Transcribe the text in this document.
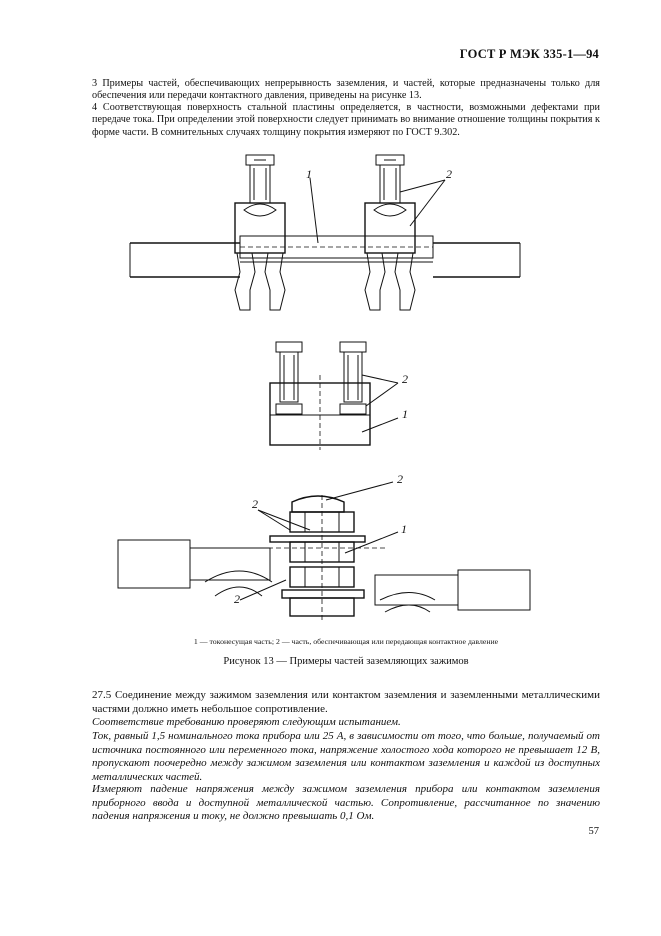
ГОСТ Р МЭК 335-1—94
3 Примеры частей, обеспечивающих непрерывность заземления, и частей, которые предназначены только для обеспечения или передачи контактного давления, приведены на рисунке 13.
4 Соответствующая поверхность стальной пластины определяется, в частности, возможными дефектами при передаче тока. При определении этой поверхности следует принимать во внимание отношение толщины покрытия к форме части. В сомнительных случаях толщину покрытия измеряют по ГОСТ 9.302.
1	2
2
1
2
2
1
2
1 — токонесущая часть; 2 — часть, обеспечивающая или передающая контактное давление
Рисунок 13 — Примеры частей заземляющих зажимов
27.5 Соединение между зажимом заземления или контактом заземления и заземленными металлическими частями должно иметь небольшое сопротивление.
Соответствие требованию проверяют следующим испытанием.
Ток, равный 1,5 номинального тока прибора или 25 А, в зависимости от того, что больше, получаемый от источника постоянного или переменного тока, напряжение холостого хода которого не превышает 12 В, пропускают поочередно между зажимом заземления или контактом заземления и каждой из доступных металлических частей.
Измеряют падение напряжения между зажимом заземления прибора или контактом заземления приборного ввода и доступной металлической частью. Сопротивление, рассчитанное по значению падения напряжения и току, не должно превышать 0,1 Ом.
57
